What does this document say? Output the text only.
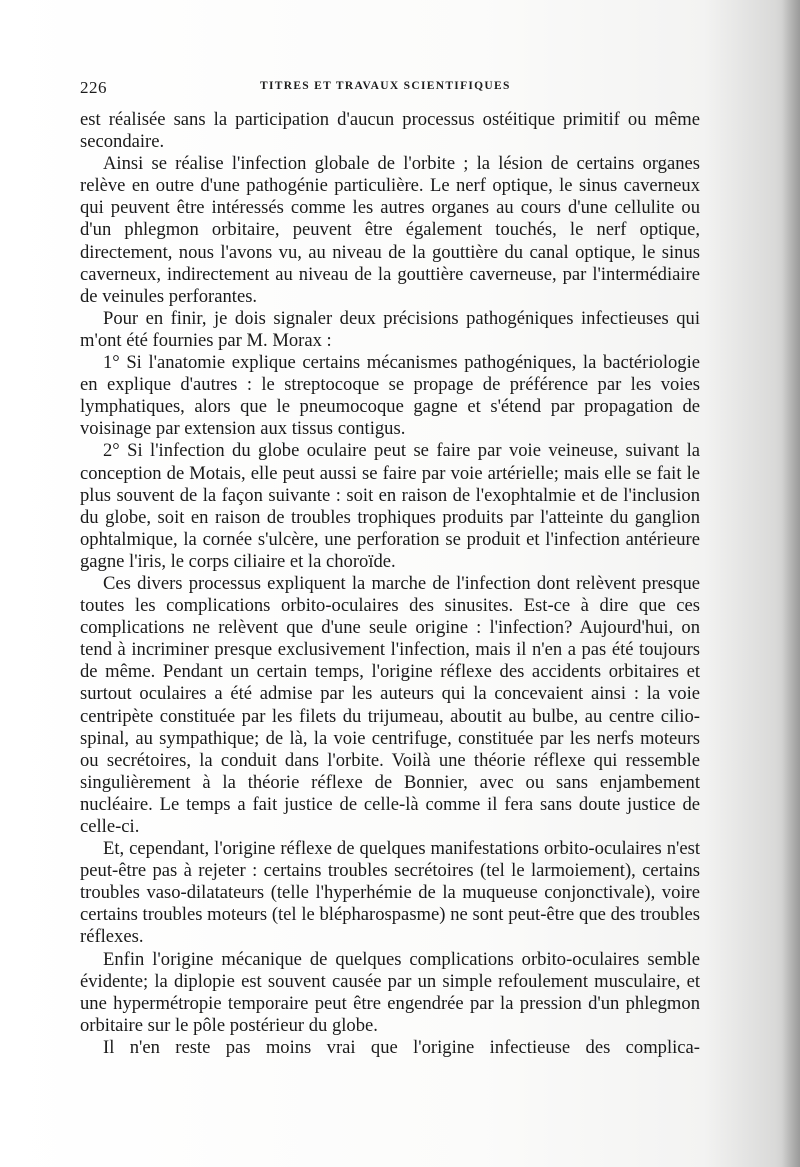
226	TITRES ET TRAVAUX SCIENTIFIQUES

est réalisée sans la participation d'aucun processus ostéitique primitif ou même secondaire.

Ainsi se réalise l'infection globale de l'orbite ; la lésion de certains organes relève en outre d'une pathogénie particulière. Le nerf optique, le sinus caverneux qui peuvent être intéressés comme les autres organes au cours d'une cellulite ou d'un phlegmon orbitaire, peuvent être également touchés, le nerf optique, directement, nous l'avons vu, au niveau de la gouttière du canal optique, le sinus caverneux, indirectement au niveau de la gouttière caverneuse, par l'intermédiaire de veinules perforantes.

Pour en finir, je dois signaler deux précisions pathogéniques infectieuses qui m'ont été fournies par M. Morax :

1° Si l'anatomie explique certains mécanismes pathogéniques, la bactériologie en explique d'autres : le streptocoque se propage de préférence par les voies lymphatiques, alors que le pneumocoque gagne et s'étend par propagation de voisinage par extension aux tissus contigus.

2° Si l'infection du globe oculaire peut se faire par voie veineuse, suivant la conception de Motais, elle peut aussi se faire par voie artérielle; mais elle se fait le plus souvent de la façon suivante : soit en raison de l'exophtalmie et de l'inclusion du globe, soit en raison de troubles trophiques produits par l'atteinte du ganglion ophtalmique, la cornée s'ulcère, une perforation se produit et l'infection antérieure gagne l'iris, le corps ciliaire et la choroïde.

Ces divers processus expliquent la marche de l'infection dont relèvent presque toutes les complications orbito-oculaires des sinusites. Est-ce à dire que ces complications ne relèvent que d'une seule origine : l'infection? Aujourd'hui, on tend à incriminer presque exclusivement l'infection, mais il n'en a pas été toujours de même. Pendant un certain temps, l'origine réflexe des accidents orbitaires et surtout oculaires a été admise par les auteurs qui la concevaient ainsi : la voie centripète constituée par les filets du trijumeau, aboutit au bulbe, au centre cilio-spinal, au sympathique; de là, la voie centrifuge, constituée par les nerfs moteurs ou secrétoires, la conduit dans l'orbite. Voilà une théorie réflexe qui ressemble singulièrement à la théorie réflexe de Bonnier, avec ou sans enjambement nucléaire. Le temps a fait justice de celle-là comme il fera sans doute justice de celle-ci.

Et, cependant, l'origine réflexe de quelques manifestations orbito-oculaires n'est peut-être pas à rejeter : certains troubles secrétoires (tel le larmoiement), certains troubles vaso-dilatateurs (telle l'hyperhémie de la muqueuse conjonctivale), voire certains troubles moteurs (tel le blépharospasme) ne sont peut-être que des troubles réflexes.

Enfin l'origine mécanique de quelques complications orbito-oculaires semble évidente; la diplopie est souvent causée par un simple refoulement musculaire, et une hypermétropie temporaire peut être engendrée par la pression d'un phlegmon orbitaire sur le pôle postérieur du globe.

Il n'en reste pas moins vrai que l'origine infectieuse des complica-
